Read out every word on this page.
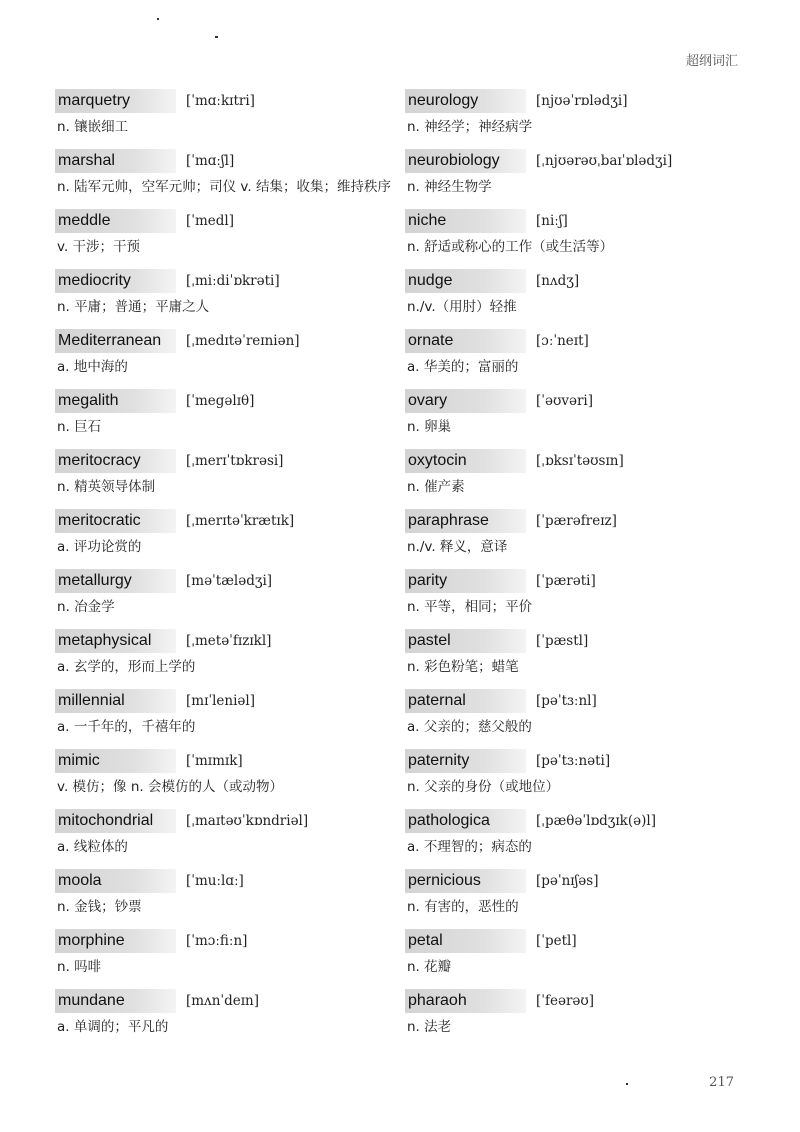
超纲词汇
marquetry	[ˈmɑːkɪtri]
n. 镶嵌细工
marshal	[ˈmɑːʃl]
n. 陆军元帅，空军元帅；司仪 v. 结集；收集；维持秩序
meddle	[ˈmedl]
v. 干涉；干预
mediocrity	[ˌmiːdiˈɒkrəti]
n. 平庸；普通；平庸之人
Mediterranean	[ˌmedɪtəˈreɪniən]
a. 地中海的
megalith	[ˈmegəlɪθ]
n. 巨石
meritocracy	[ˌmerɪˈtɒkrəsi]
n. 精英领导体制
meritocratic	[ˌmerɪtəˈkrætɪk]
a. 评功论赏的
metallurgy	[məˈtælədʒi]
n. 冶金学
metaphysical	[ˌmetəˈfɪzɪkl]
a. 玄学的，形而上学的
millennial	[mɪˈleniəl]
a. 一千年的，千禧年的
mimic	[ˈmɪmɪk]
v. 模仿；像 n. 会模仿的人（或动物）
mitochondrial	[ˌmaɪtəʊˈkɒndriəl]
a. 线粒体的
moola	[ˈmuːlɑː]
n. 金钱；钞票
morphine	[ˈmɔːfiːn]
n. 吗啡
mundane	[mʌnˈdeɪn]
a. 单调的；平凡的
neurology	[njʊəˈrɒlədʒi]
n. 神经学；神经病学
neurobiology	[ˌnjʊərəʊˌbaɪˈɒlədʒi]
n. 神经生物学
niche	[niːʃ]
n. 舒适或称心的工作（或生活等）
nudge	[nʌdʒ]
n./v.（用肘）轻推
ornate	[ɔːˈneɪt]
a. 华美的；富丽的
ovary	[ˈəʊvəri]
n. 卵巢
oxytocin	[ˌɒksɪˈtəʊsɪn]
n. 催产素
paraphrase	[ˈpærəfreɪz]
n./v. 释义，意译
parity	[ˈpærəti]
n. 平等，相同；平价
pastel	[ˈpæstl]
n. 彩色粉笔；蜡笔
paternal	[pəˈtɜːnl]
a. 父亲的；慈父般的
paternity	[pəˈtɜːnəti]
n. 父亲的身份（或地位）
pathologica	[ˌpæθəˈlɒdʒɪk(ə)l]
a. 不理智的；病态的
pernicious	[pəˈnɪʃəs]
n. 有害的，恶性的
petal	[ˈpetl]
n. 花瓣
pharaoh	[ˈfeərəʊ]
n. 法老
217
